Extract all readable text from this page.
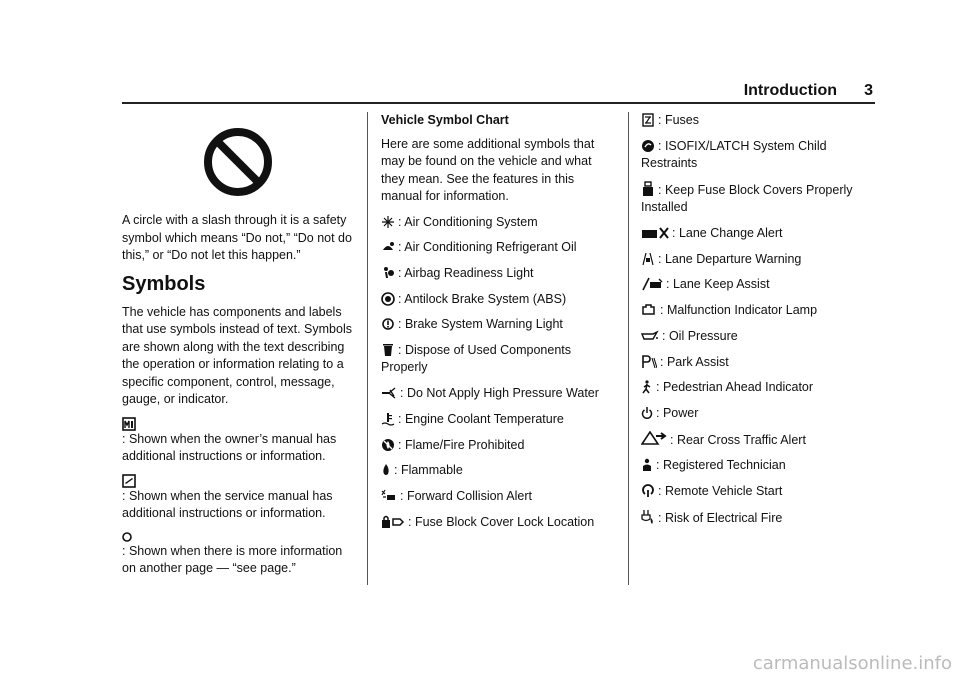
Introduction 3

A circle with a slash through it is a safety symbol which means “Do not,” “Do not do this,” or “Do not let this happen.”

Symbols

The vehicle has components and labels that use symbols instead of text. Symbols are shown along with the text describing the operation or information relating to a specific component, control, message, gauge, or indicator.

: Shown when the owner’s manual has additional instructions or information.

: Shown when the service manual has additional instructions or information.

: Shown when there is more information on another page — “see page.”

Vehicle Symbol Chart

Here are some additional symbols that may be found on the vehicle and what they mean. See the features in this manual for information.

: Air Conditioning System
: Air Conditioning Refrigerant Oil
: Airbag Readiness Light
: Antilock Brake System (ABS)
: Brake System Warning Light
: Dispose of Used Components Properly
: Do Not Apply High Pressure Water
: Engine Coolant Temperature
: Flame/Fire Prohibited
: Flammable
: Forward Collision Alert
: Fuse Block Cover Lock Location
: Fuses
: ISOFIX/LATCH System Child Restraints
: Keep Fuse Block Covers Properly Installed
: Lane Change Alert
: Lane Departure Warning
: Lane Keep Assist
: Malfunction Indicator Lamp
: Oil Pressure
: Park Assist
: Pedestrian Ahead Indicator
: Power
: Rear Cross Traffic Alert
: Registered Technician
: Remote Vehicle Start
: Risk of Electrical Fire
carmanualsonline.info
